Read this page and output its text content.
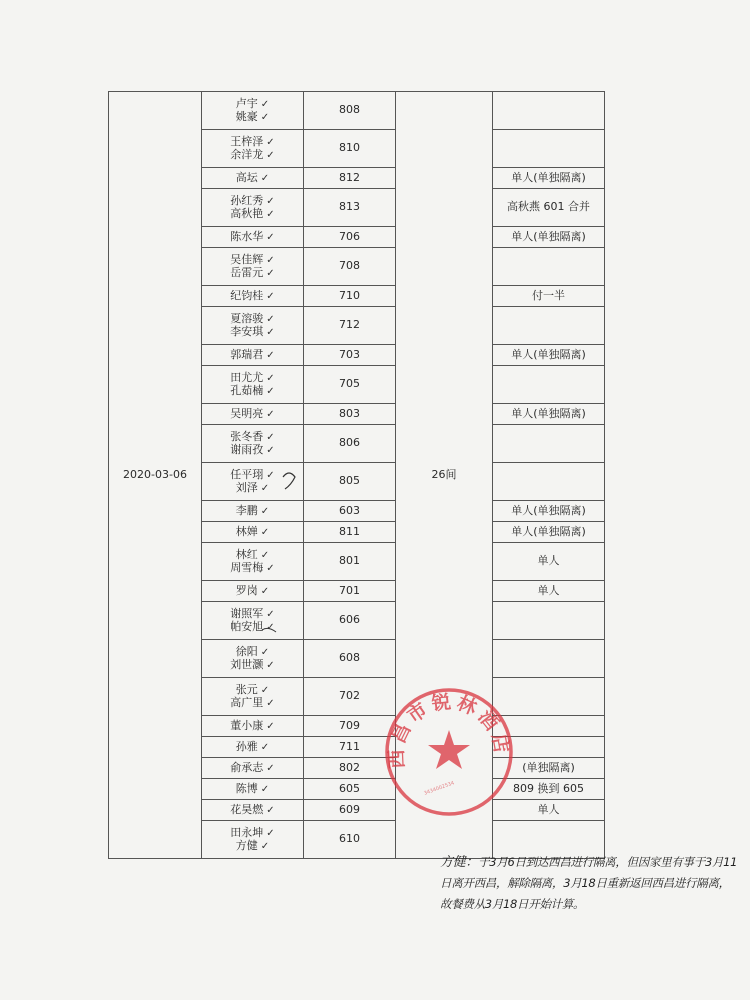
2020-03-06	卢宇 ✓
姚豪 ✓	808	26间	

	王梓泽 ✓
余洋龙 ✓	810		

	高坛 ✓	812		单人(单独隔离)

	孙红秀 ✓
高秋艳 ✓	813		高秋燕 601 合并

	陈水华 ✓	706		单人(单独隔离)

	吴佳辉 ✓
岳雷元 ✓	708		

	纪钧桂 ✓	710		付一半

	夏溶骏 ✓
李安琪 ✓	712		

	郭瑞君 ✓	703		单人(单独隔离)

	田尤尤 ✓
孔茹楠 ✓	705		

	吴明亮 ✓	803		单人(单独隔离)

	张冬香 ✓
谢雨孜 ✓	806		

	任平珝 ✓
刘泽 ✓	805		

	李鹏 ✓	603		单人(单独隔离)

	林婵 ✓	811		单人(单独隔离)

	林红 ✓
周雪梅 ✓	801		单人

	罗岗 ✓	701		单人

	谢照军 ✓
帕安旭 ✓	606		

	徐阳 ✓
刘世灏 ✓	608		

	张元 ✓
高广里 ✓	702		

	董小康 ✓	709		

	孙雅 ✓	711		

	俞承志 ✓	802		(单独隔离)

	陈博 ✓	605		809 换到 605

	花昊燃 ✓	609		单人

	田永坤 ✓
方健 ✓	610		
西昌市锐林酒店
3434002534
方健：于3月6日到达西昌进行隔离，但因家里有事于3月11日离开西昌，解除隔离，3月18日重新返回西昌进行隔离，故餐费从3月18日开始计算。
